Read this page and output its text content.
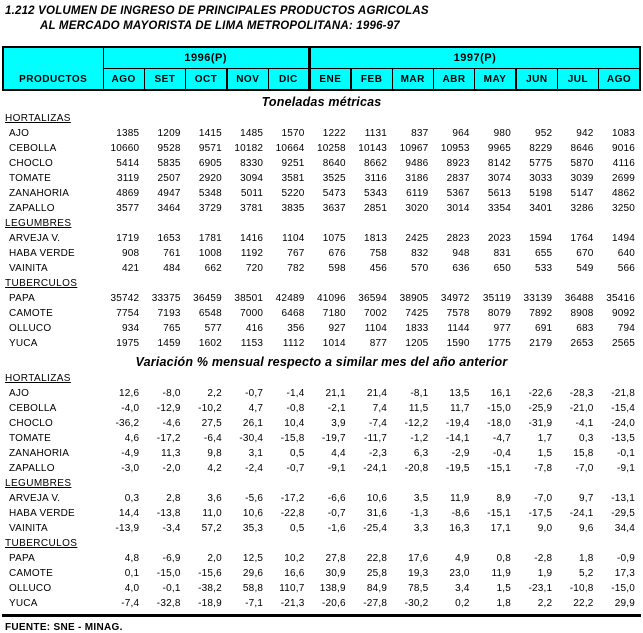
1.212 VOLUMEN DE INGRESO DE PRINCIPALES PRODUCTOS AGRICOLAS
AL MERCADO MAYORISTA DE LIMA METROPOLITANA: 1996-97
PRODUCTOS	1996(P)					1997(P)							
	AGO	SET	OCT	NOV	DIC	ENE	FEB	MAR	ABR	MAY	JUN	JUL	AGO
Toneladas métricas													
HORTALIZAS													
AJO	1385	1209	1415	1485	1570	1222	1131	837	964	980	952	942	1083
CEBOLLA	10660	9528	9571	10182	10664	10258	10143	10967	10953	9965	8229	8646	9016
CHOCLO	5414	5835	6905	8330	9251	8640	8662	9486	8923	8142	5775	5870	4116
TOMATE	3119	2507	2920	3094	3581	3525	3116	3186	2837	3074	3033	3039	2699
ZANAHORIA	4869	4947	5348	5011	5220	5473	5343	6119	5367	5613	5198	5147	4862
ZAPALLO	3577	3464	3729	3781	3835	3637	2851	3020	3014	3354	3401	3286	3250
LEGUMBRES													
ARVEJA V.	1719	1653	1781	1416	1104	1075	1813	2425	2823	2023	1594	1764	1494
HABA VERDE	908	761	1008	1192	767	676	758	832	948	831	655	670	640
VAINITA	421	484	662	720	782	598	456	570	636	650	533	549	566
TUBERCULOS													
PAPA	35742	33375	36459	38501	42489	41096	36594	38905	34972	35119	33139	36488	35416
CAMOTE	7754	7193	6548	7000	6468	7180	7002	7425	7578	8079	7892	8908	9092
OLLUCO	934	765	577	416	356	927	1104	1833	1144	977	691	683	794
YUCA	1975	1459	1602	1153	1112	1014	877	1205	1590	1775	2179	2653	2565
Variación % mensual respecto a similar mes del año anterior													
HORTALIZAS													
AJO	12,6	-8,0	2,2	-0,7	-1,4	21,1	21,4	-8,1	13,5	16,1	-22,6	-28,3	-21,8
CEBOLLA	-4,0	-12,9	-10,2	4,7	-0,8	-2,1	7,4	11,5	11,7	-15,0	-25,9	-21,0	-15,4
CHOCLO	-36,2	-4,6	27,5	26,1	10,4	3,9	-7,4	-12,2	-19,4	-18,0	-31,9	-4,1	-24,0
TOMATE	4,6	-17,2	-6,4	-30,4	-15,8	-19,7	-11,7	-1,2	-14,1	-4,7	1,7	0,3	-13,5
ZANAHORIA	-4,9	11,3	9,8	3,1	0,5	4,4	-2,3	6,3	-2,9	-0,4	1,5	15,8	-0,1
ZAPALLO	-3,0	-2,0	4,2	-2,4	-0,7	-9,1	-24,1	-20,8	-19,5	-15,1	-7,8	-7,0	-9,1
LEGUMBRES													
ARVEJA V.	0,3	2,8	3,6	-5,6	-17,2	-6,6	10,6	3,5	11,9	8,9	-7,0	9,7	-13,1
HABA VERDE	14,4	-13,8	11,0	10,6	-22,8	-0,7	31,6	-1,3	-8,6	-15,1	-17,5	-24,1	-29,5
VAINITA	-13,9	-3,4	57,2	35,3	0,5	-1,6	-25,4	3,3	16,3	17,1	9,0	9,6	34,4
TUBERCULOS													
PAPA	4,8	-6,9	2,0	12,5	10,2	27,8	22,8	17,6	4,9	0,8	-2,8	1,8	-0,9
CAMOTE	0,1	-15,0	-15,6	29,6	16,6	30,9	25,8	19,3	23,0	11,9	1,9	5,2	17,3
OLLUCO	4,0	-0,1	-38,2	58,8	110,7	138,9	84,9	78,5	3,4	1,5	-23,1	-10,8	-15,0
YUCA	-7,4	-32,8	-18,9	-7,1	-21,3	-20,6	-27,8	-30,2	0,2	1,8	2,2	22,2	29,9
FUENTE: SNE - MINAG.
